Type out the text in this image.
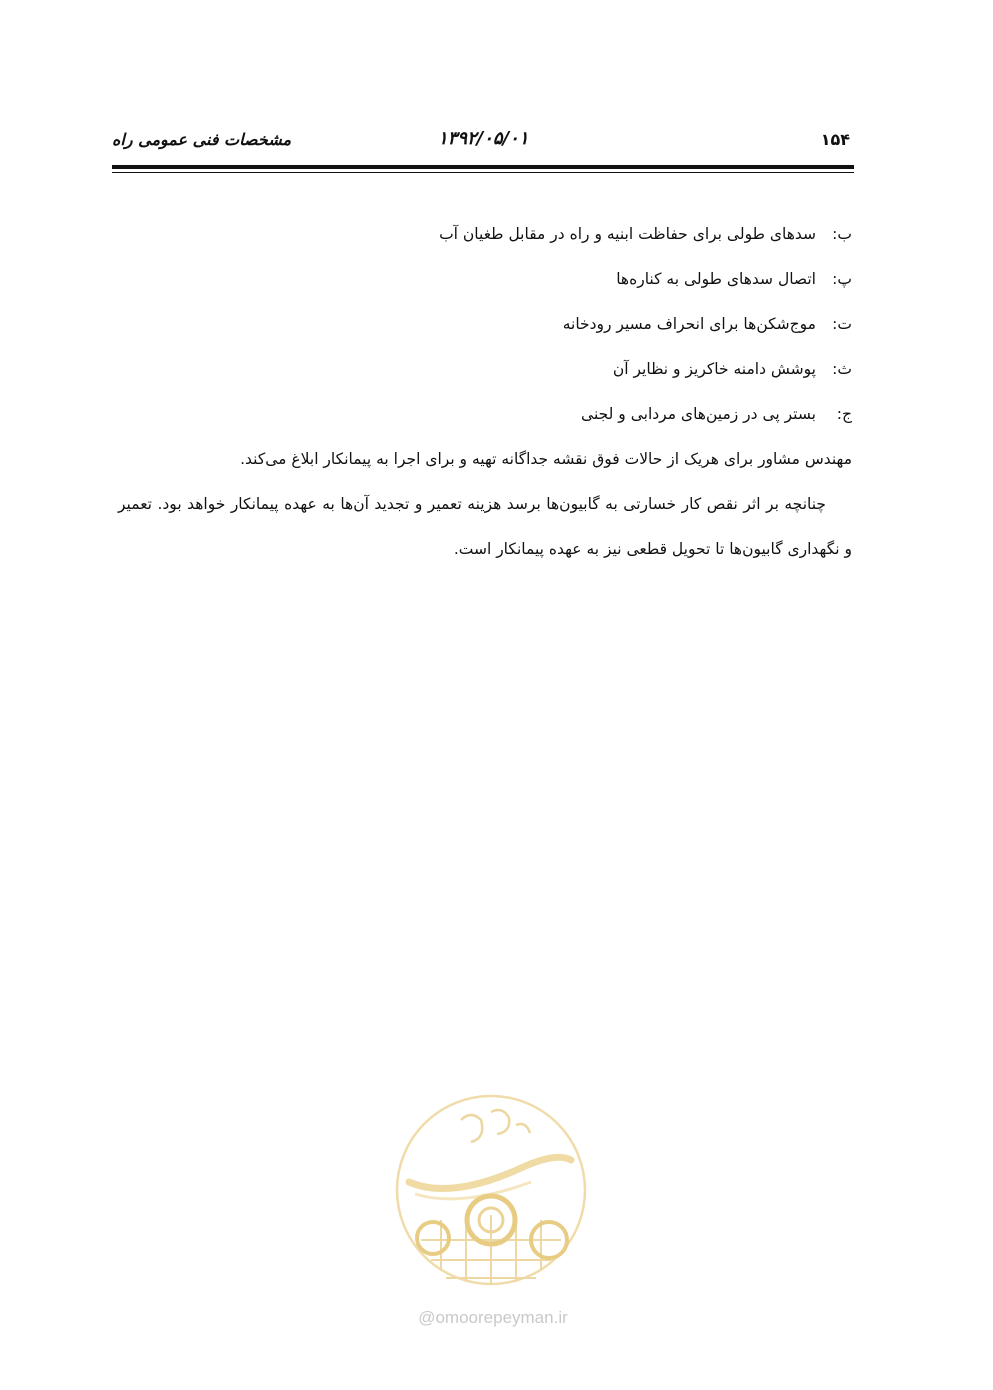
مشخصات فنی عمومی راه	۱۳۹۲/۰۵/۰۱	۱۵۴
ب:سدهای طولی برای حفاظت ابنیه و راه در مقابل طغیان آب
پ:اتصال سدهای طولی به کناره‌ها
ت:موج‌شکن‌ها برای انحراف مسیر رودخانه
ث:پوشش دامنه خاکریز و نظایر آن
ج:بستر پی در زمین‌های مردابی و لجنی
مهندس مشاور برای هریک از حالات فوق نقشه جداگانه تهیه و برای اجرا به پیمانکار ابلاغ می‌کند.
چنانچه بر اثر نقص کار خسارتی به گابیون‌ها برسد هزینه تعمیر و تجدید آن‌ها به عهده پیمانکار خواهد بود. تعمیر و نگهداری گابیون‌ها تا تحویل قطعی نیز به عهده پیمانکار است.
@omoorepeyman.ir
